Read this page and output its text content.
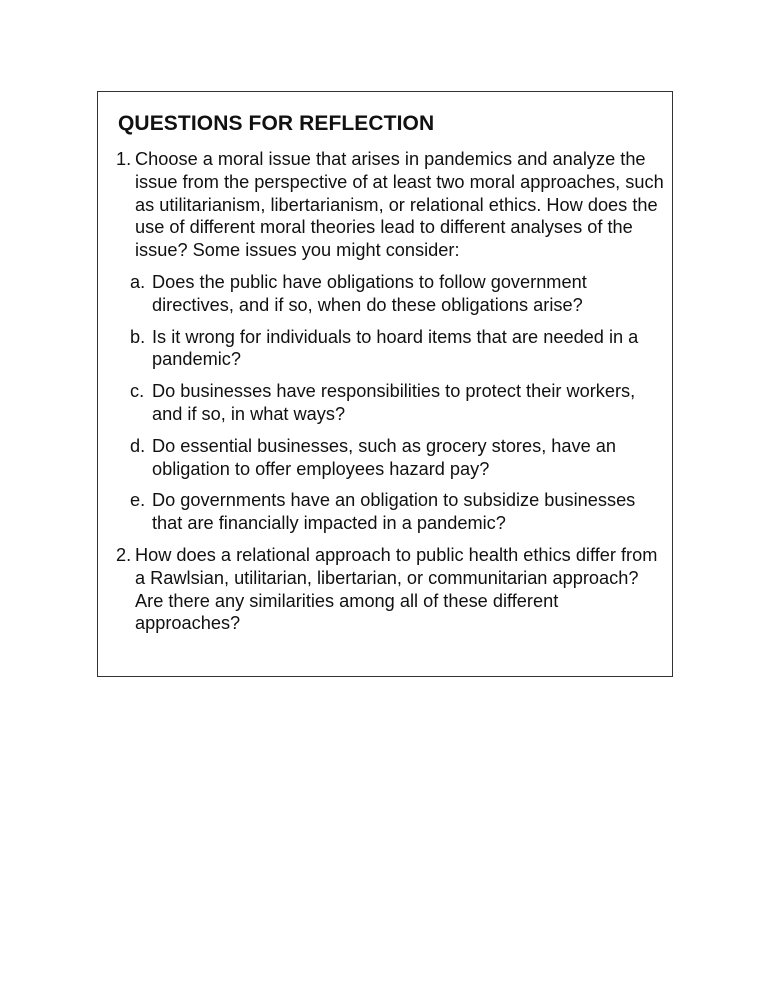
QUESTIONS FOR REFLECTION
1. Choose a moral issue that arises in pandemics and analyze the issue from the perspective of at least two moral approaches, such as utilitarianism, libertarianism, or relational ethics. How does the use of different moral theories lead to different analyses of the issue? Some issues you might consider:
a. Does the public have obligations to follow government directives, and if so, when do these obligations arise?
b. Is it wrong for individuals to hoard items that are needed in a pandemic?
c. Do businesses have responsibilities to protect their workers, and if so, in what ways?
d. Do essential businesses, such as grocery stores, have an obligation to offer employees hazard pay?
e. Do governments have an obligation to subsidize businesses that are financially impacted in a pandemic?
2. How does a relational approach to public health ethics differ from a Rawlsian, utilitarian, libertarian, or communitarian approach? Are there any similarities among all of these different approaches?
